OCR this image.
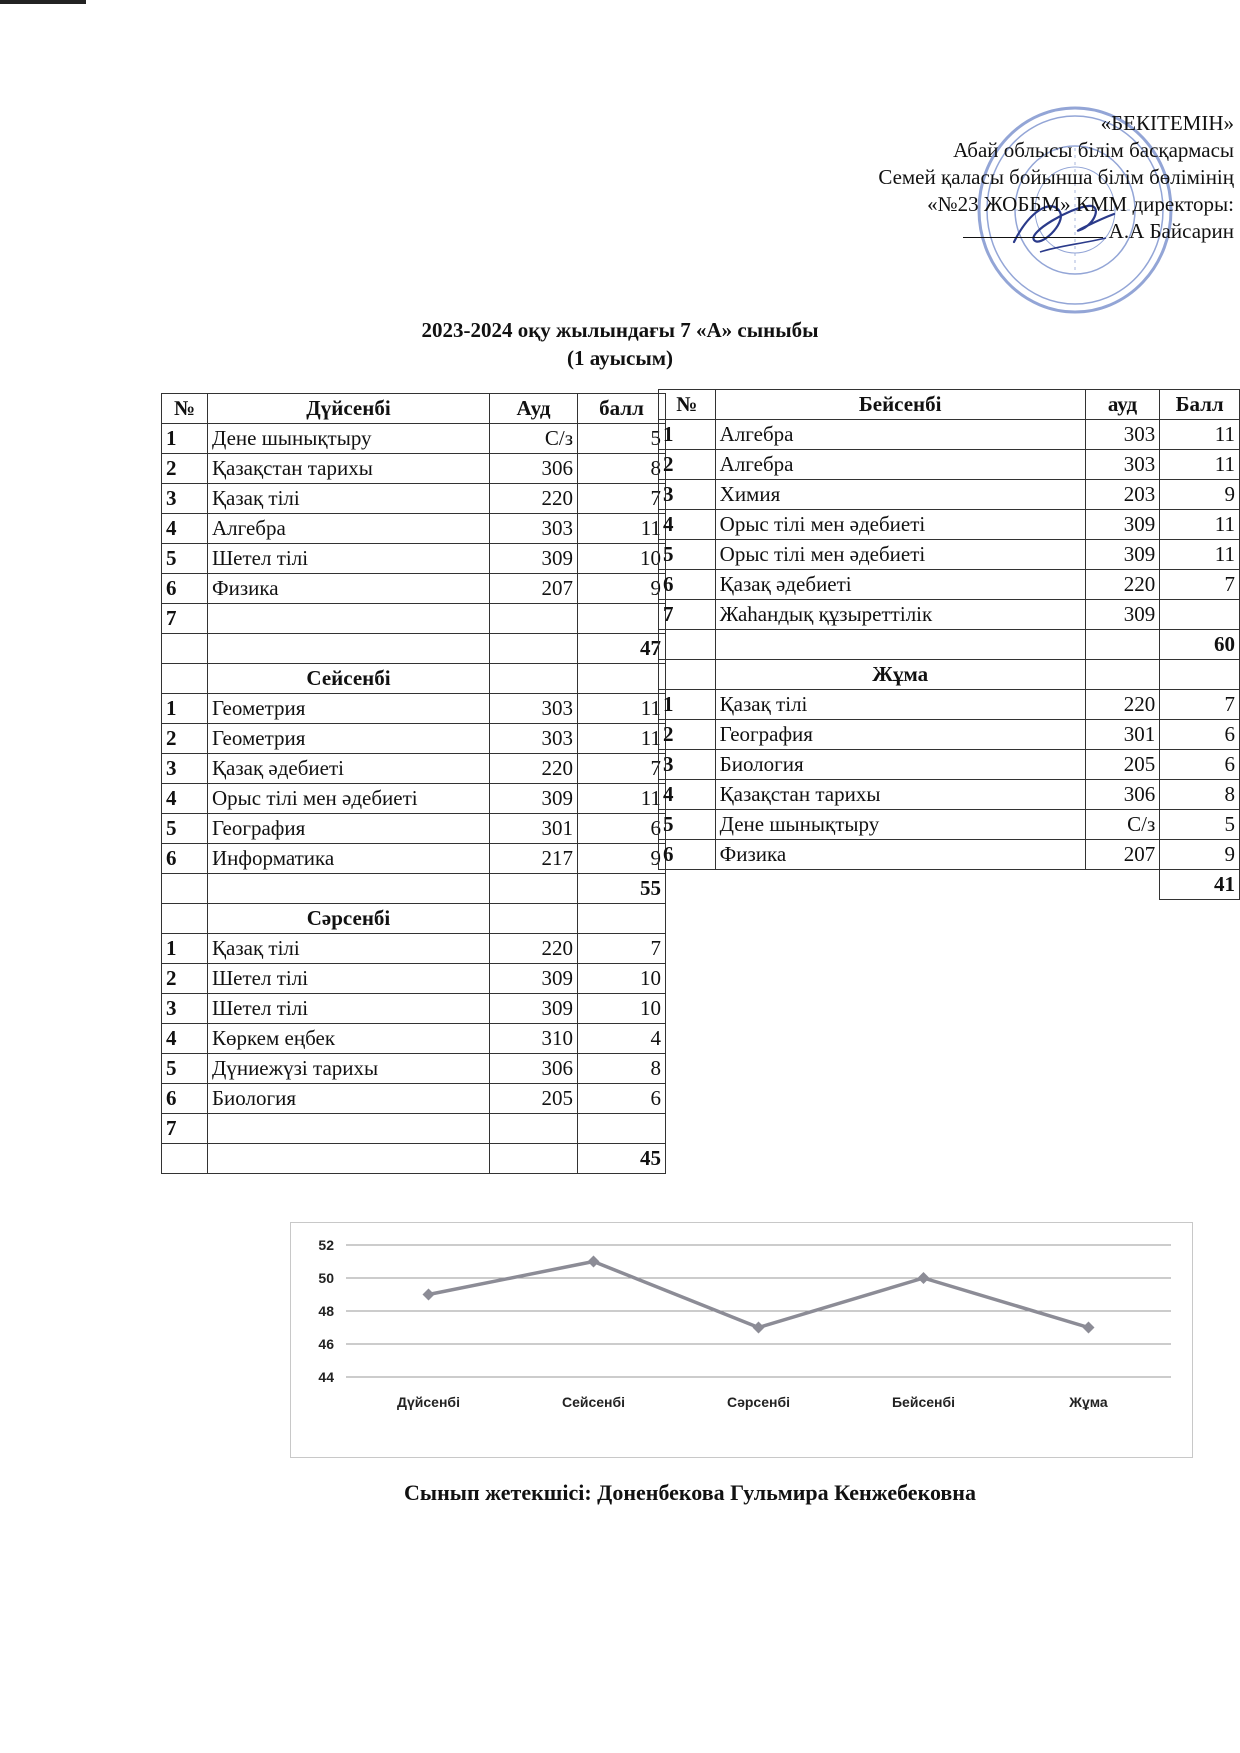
«БЕКІТЕМІН»
Абай облысы білім басқармасы
Семей қаласы бойынша білім бөлімінің
«№23 ЖОББМ» КММ директоры:
А.А Байсарин
2023-2024 оқу жылындағы 7 «А» сыныбы
(1 ауысым)
№	Дүйсенбі	Ауд	балл
1	Дене шынықтыру	С/з	5
2	Қазақстан тарихы	306	8
3	Қазақ тілі	220	7
4	Алгебра	303	11
5	Шетел тілі	309	10
6	Физика	207	9
7			
			47
	Сейсенбі		
1	Геометрия	303	11
2	Геометрия	303	11
3	Қазақ әдебиеті	220	7
4	Орыс тілі мен әдебиеті	309	11
5	География	301	6
6	Информатика	217	9
			55
	Сәрсенбі		
1	Қазақ тілі	220	7
2	Шетел тілі	309	10
3	Шетел тілі	309	10
4	Көркем еңбек	310	4
5	Дүниежүзі тарихы	306	8
6	Биология	205	6
7			
			45
№	Бейсенбі	ауд	Балл
1	Алгебра	303	11
2	Алгебра	303	11
3	Химия	203	9
4	Орыс тілі мен әдебиеті	309	11
5	Орыс тілі мен әдебиеті	309	11
6	Қазақ әдебиеті	220	7
7	Жаһандық құзыреттілік	309	
			60
	Жұма		
1	Қазақ тілі	220	7
2	География	301	6
3	Биология	205	6
4	Қазақстан тарихы	306	8
5	Дене шынықтыру	С/з	5
6	Физика	207	9
			41
44
46
48
50
52
Дүйсенбі	Сейсенбі	Сәрсенбі	Бейсенбі	Жұма
Сынып жетекшісі: Доненбекова Гульмира Кенжебековна
